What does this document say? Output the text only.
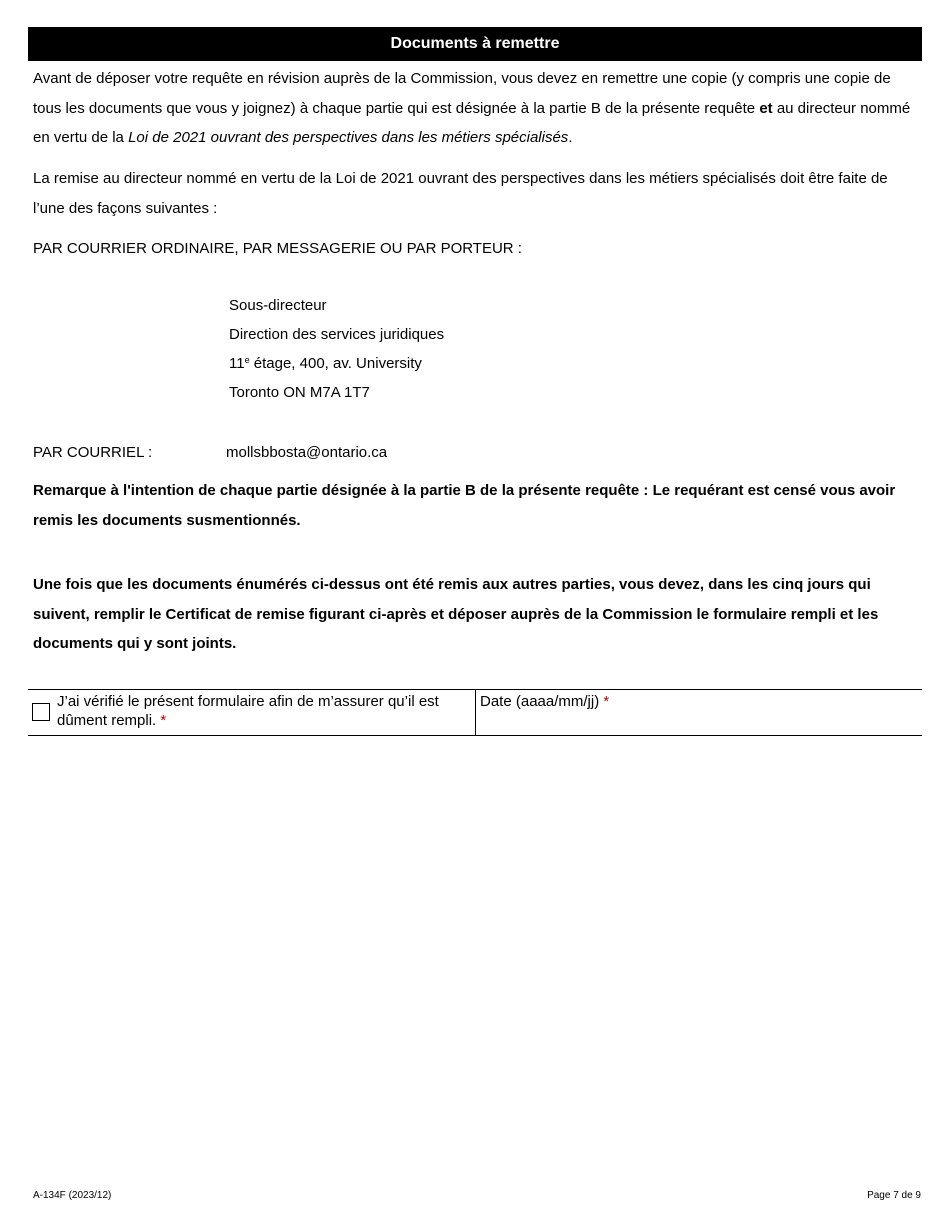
Documents à remettre
Avant de déposer votre requête en révision auprès de la Commission, vous devez en remettre une copie (y compris une copie de tous les documents que vous y joignez) à chaque partie qui est désignée à la partie B de la présente requête et au directeur nommé en vertu de la Loi de 2021 ouvrant des perspectives dans les métiers spécialisés.
La remise au directeur nommé en vertu de la Loi de 2021 ouvrant des perspectives dans les métiers spécialisés doit être faite de l’une des façons suivantes :
PAR COURRIER ORDINAIRE, PAR MESSAGERIE OU PAR PORTEUR :
Sous-directeur
Direction des services juridiques
11e étage, 400, av. University
Toronto ON M7A 1T7
PAR COURRIEL :	mollsbbosta@ontario.ca
Remarque à l'intention de chaque partie désignée à la partie B de la présente requête : Le requérant est censé vous avoir remis les documents susmentionnés.
Une fois que les documents énumérés ci-dessus ont été remis aux autres parties, vous devez, dans les cinq jours qui suivent, remplir le Certificat de remise figurant ci-après et déposer auprès de la Commission le formulaire rempli et les documents qui y sont joints.
J’ai vérifié le présent formulaire afin de m’assurer qu’il est dûment rempli. *
Date (aaaa/mm/jj) *
A-134F (2023/12)	Page 7 de 9
